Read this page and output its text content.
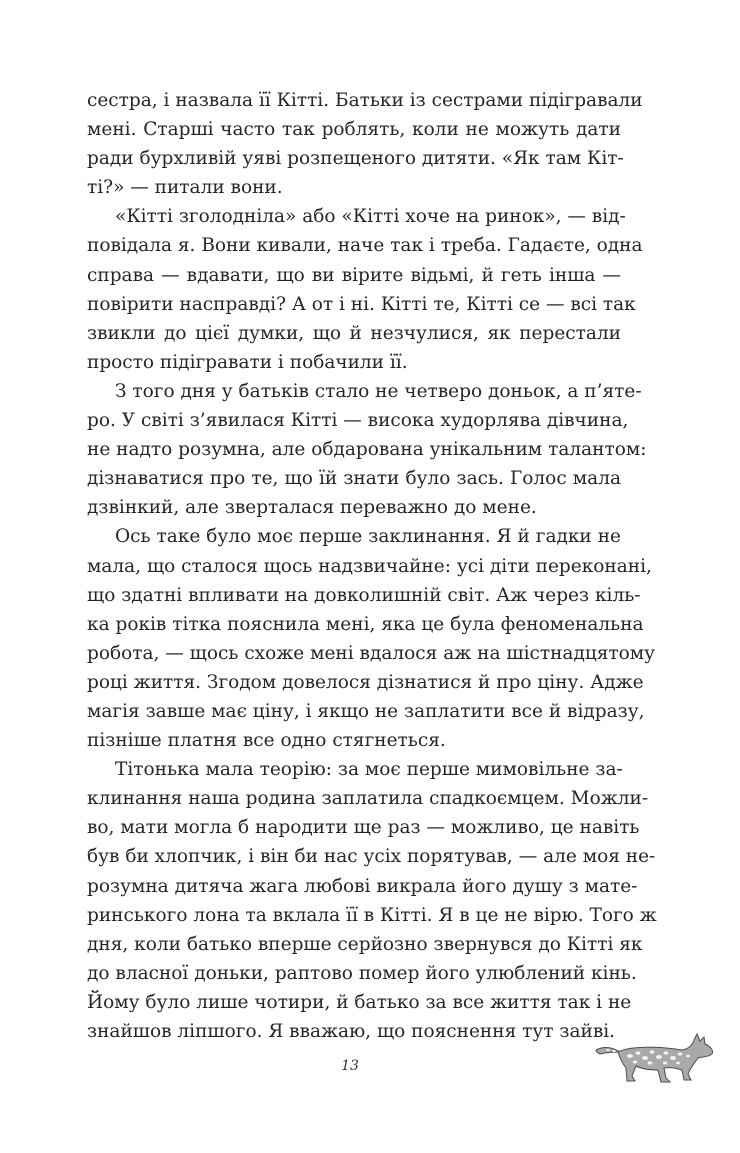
сестра, і назвала її Кітті. Батьки із сестрами підігравали
мені. Старші часто так роблять, коли не можуть дати
ради бурхливій уяві розпещеного дитяти. «Як там Кіт-
ті?» — питали вони.
«Кітті зголодніла» або «Кітті хоче на ринок», — від-
повідала я. Вони кивали, наче так і треба. Гадаєте, одна
справа — вдавати, що ви вірите відьмі, й геть інша —
повірити насправді? А от і ні. Кітті те, Кітті се — всі так
звикли до цієї думки, що й незчулися, як перестали
просто підігравати і побачили її.
З того дня у батьків стало не четверо доньок, а п’яте-
ро. У світі з’явилася Кітті — висока худорлява дівчина,
не надто розумна, але обдарована унікальним талантом:
дізнаватися про те, що їй знати було зась. Голос мала
дзвінкий, але зверталася переважно до мене.
Ось таке було моє перше заклинання. Я й гадки не
мала, що сталося щось надзвичайне: усі діти переконані,
що здатні впливати на довколишній світ. Аж через кіль-
ка років тітка пояснила мені, яка це була феноменальна
робота, — щось схоже мені вдалося аж на шістнадцятому
році життя. Згодом довелося дізнатися й про ціну. Адже
магія завше має ціну, і якщо не заплатити все й відразу,
пізніше платня все одно стягнеться.
Тітонька мала теорію: за моє перше мимовільне за-
клинання наша родина заплатила спадкоємцем. Можли-
во, мати могла б народити ще раз — можливо, це навіть
був би хлопчик, і він би нас усіх порятував, — але моя не-
розумна дитяча жага любові викрала його душу з мате-
ринського лона та вклала її в Кітті. Я в це не вірю. Того ж
дня, коли батько вперше серйозно звернувся до Кітті як
до власної доньки, раптово помер його улюблений кінь.
Йому було лише чотири, й батько за все життя так і не
знайшов ліпшого. Я вважаю, що пояснення тут зайві.
13
